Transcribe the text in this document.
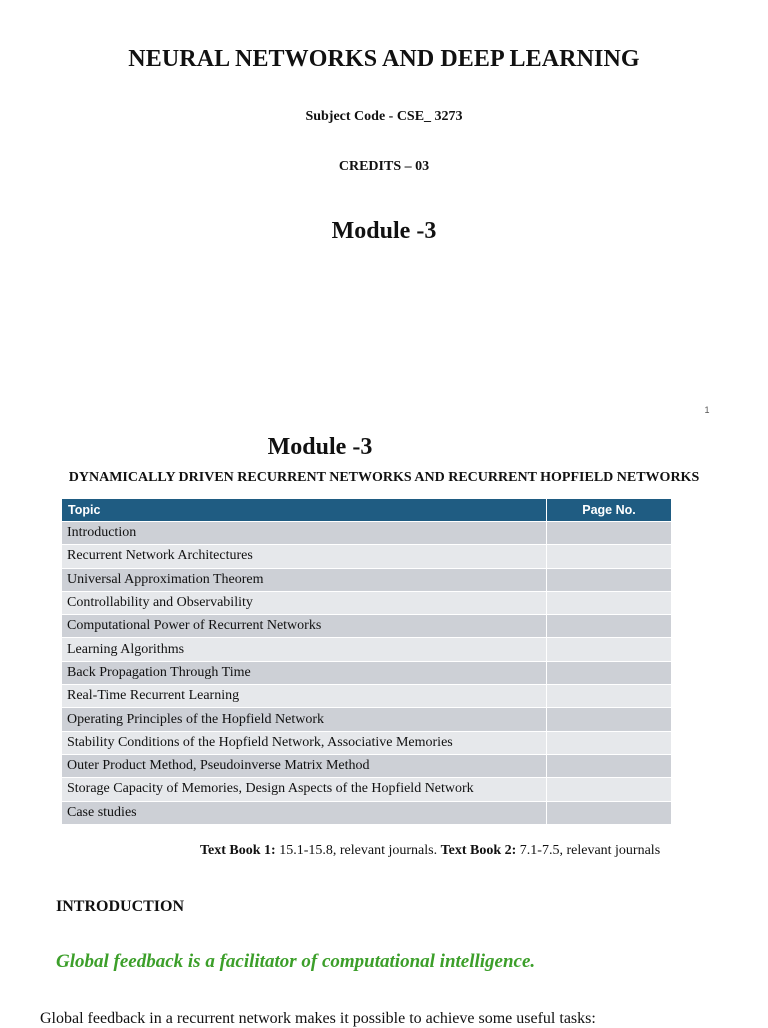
NEURAL NETWORKS AND DEEP LEARNING
Subject Code - CSE_ 3273
CREDITS – 03
Module -3
1
Module -3
DYNAMICALLY DRIVEN RECURRENT NETWORKS AND RECURRENT HOPFIELD NETWORKS
Topic	Page No.
Introduction	
Recurrent Network Architectures	
Universal Approximation Theorem	
Controllability and Observability	
Computational Power of Recurrent Networks	
Learning Algorithms	
Back Propagation Through Time	
Real-Time Recurrent Learning	
Operating Principles of the Hopfield Network	
Stability Conditions of the Hopfield Network, Associative Memories	
Outer Product Method, Pseudoinverse Matrix Method	
Storage Capacity of Memories, Design Aspects of the Hopfield Network	
Case studies	
Text Book 1: 15.1-15.8, relevant journals. Text Book 2: 7.1-7.5, relevant journals
INTRODUCTION
Global feedback is a facilitator of computational intelligence.
Global feedback in a recurrent network makes it possible to achieve some useful tasks:
